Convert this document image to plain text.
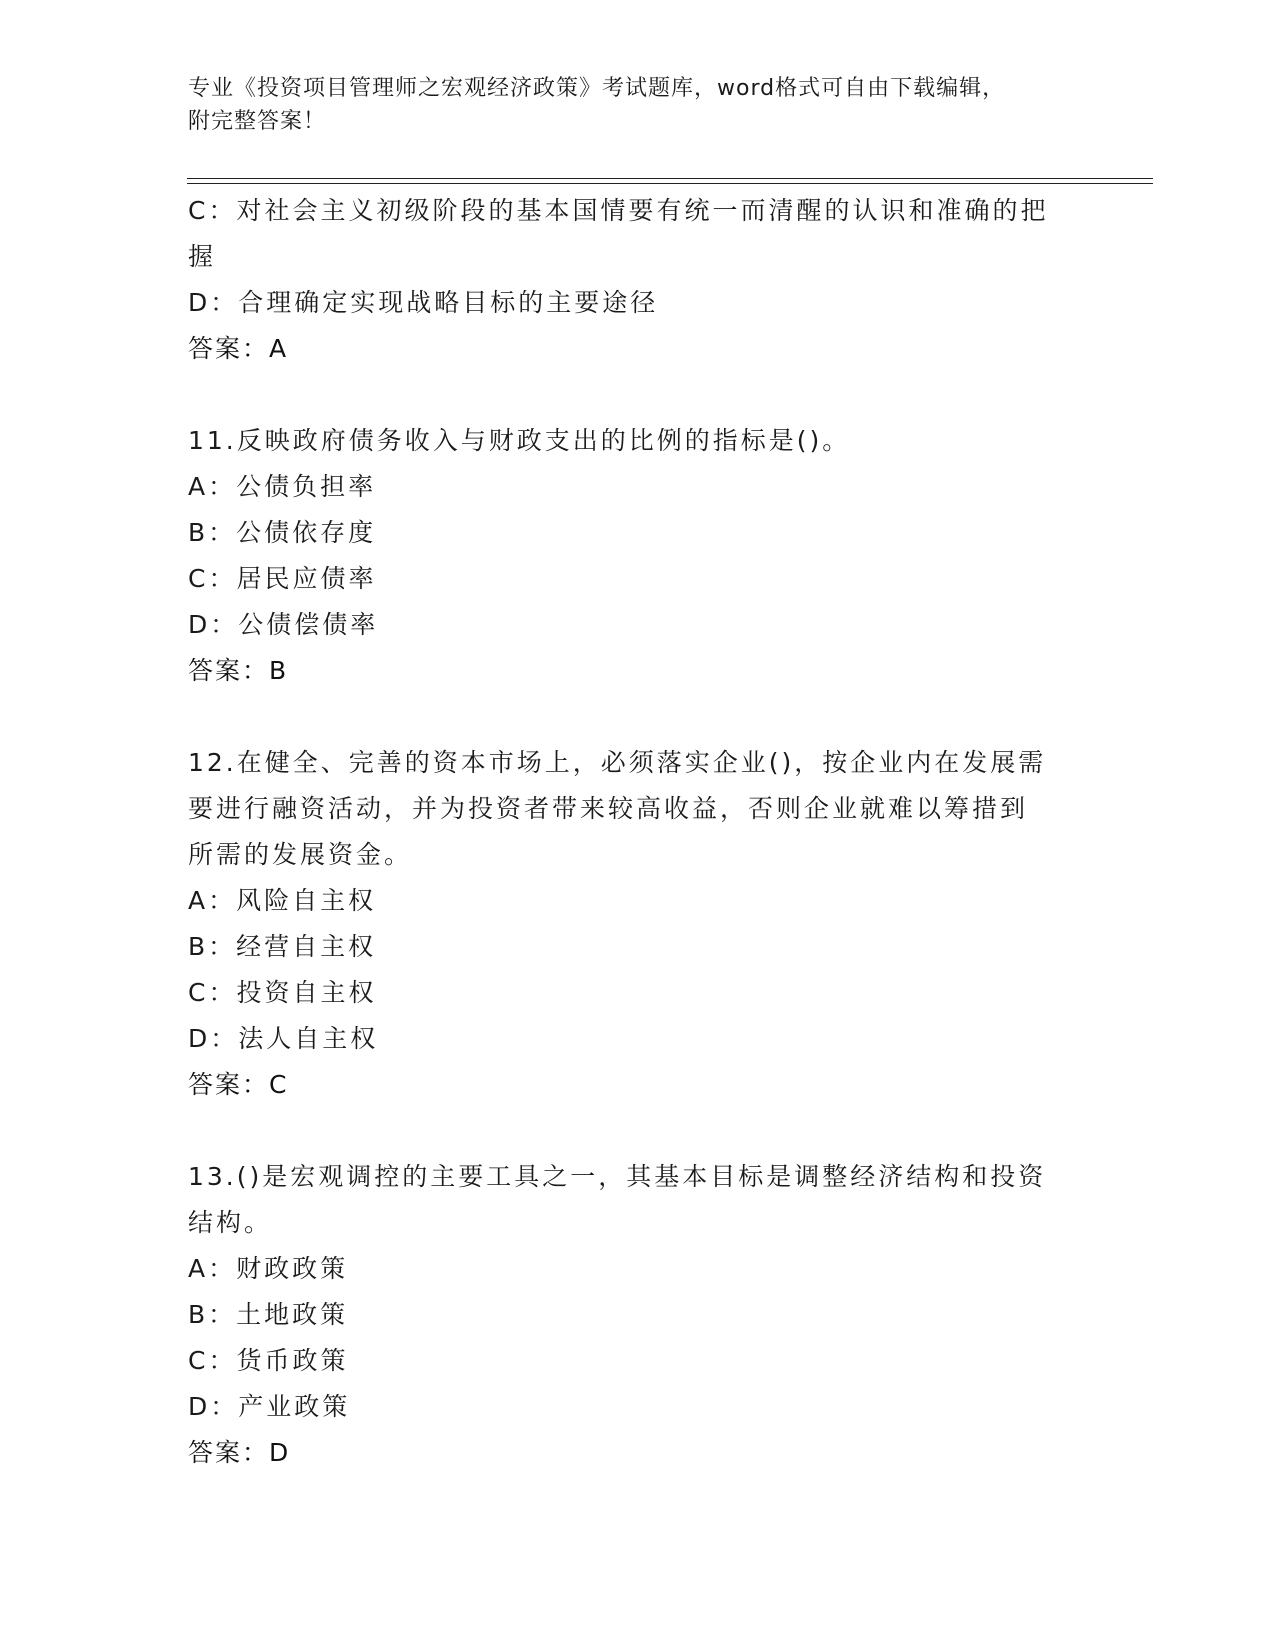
专业《投资项目管理师之宏观经济政策》考试题库，word格式可自由下载编辑，
附完整答案！
C：对社会主义初级阶段的基本国情要有统一而清醒的认识和准确的把
握
D：合理确定实现战略目标的主要途径
答案：A
11.反映政府债务收入与财政支出的比例的指标是()。
A：公债负担率
B：公债依存度
C：居民应债率
D：公债偿债率
答案：B
12.在健全、完善的资本市场上，必须落实企业()，按企业内在发展需
要进行融资活动，并为投资者带来较高收益，否则企业就难以筹措到
所需的发展资金。
A：风险自主权
B：经营自主权
C：投资自主权
D：法人自主权
答案：C
13.()是宏观调控的主要工具之一，其基本目标是调整经济结构和投资
结构。
A：财政政策
B：土地政策
C：货币政策
D：产业政策
答案：D
